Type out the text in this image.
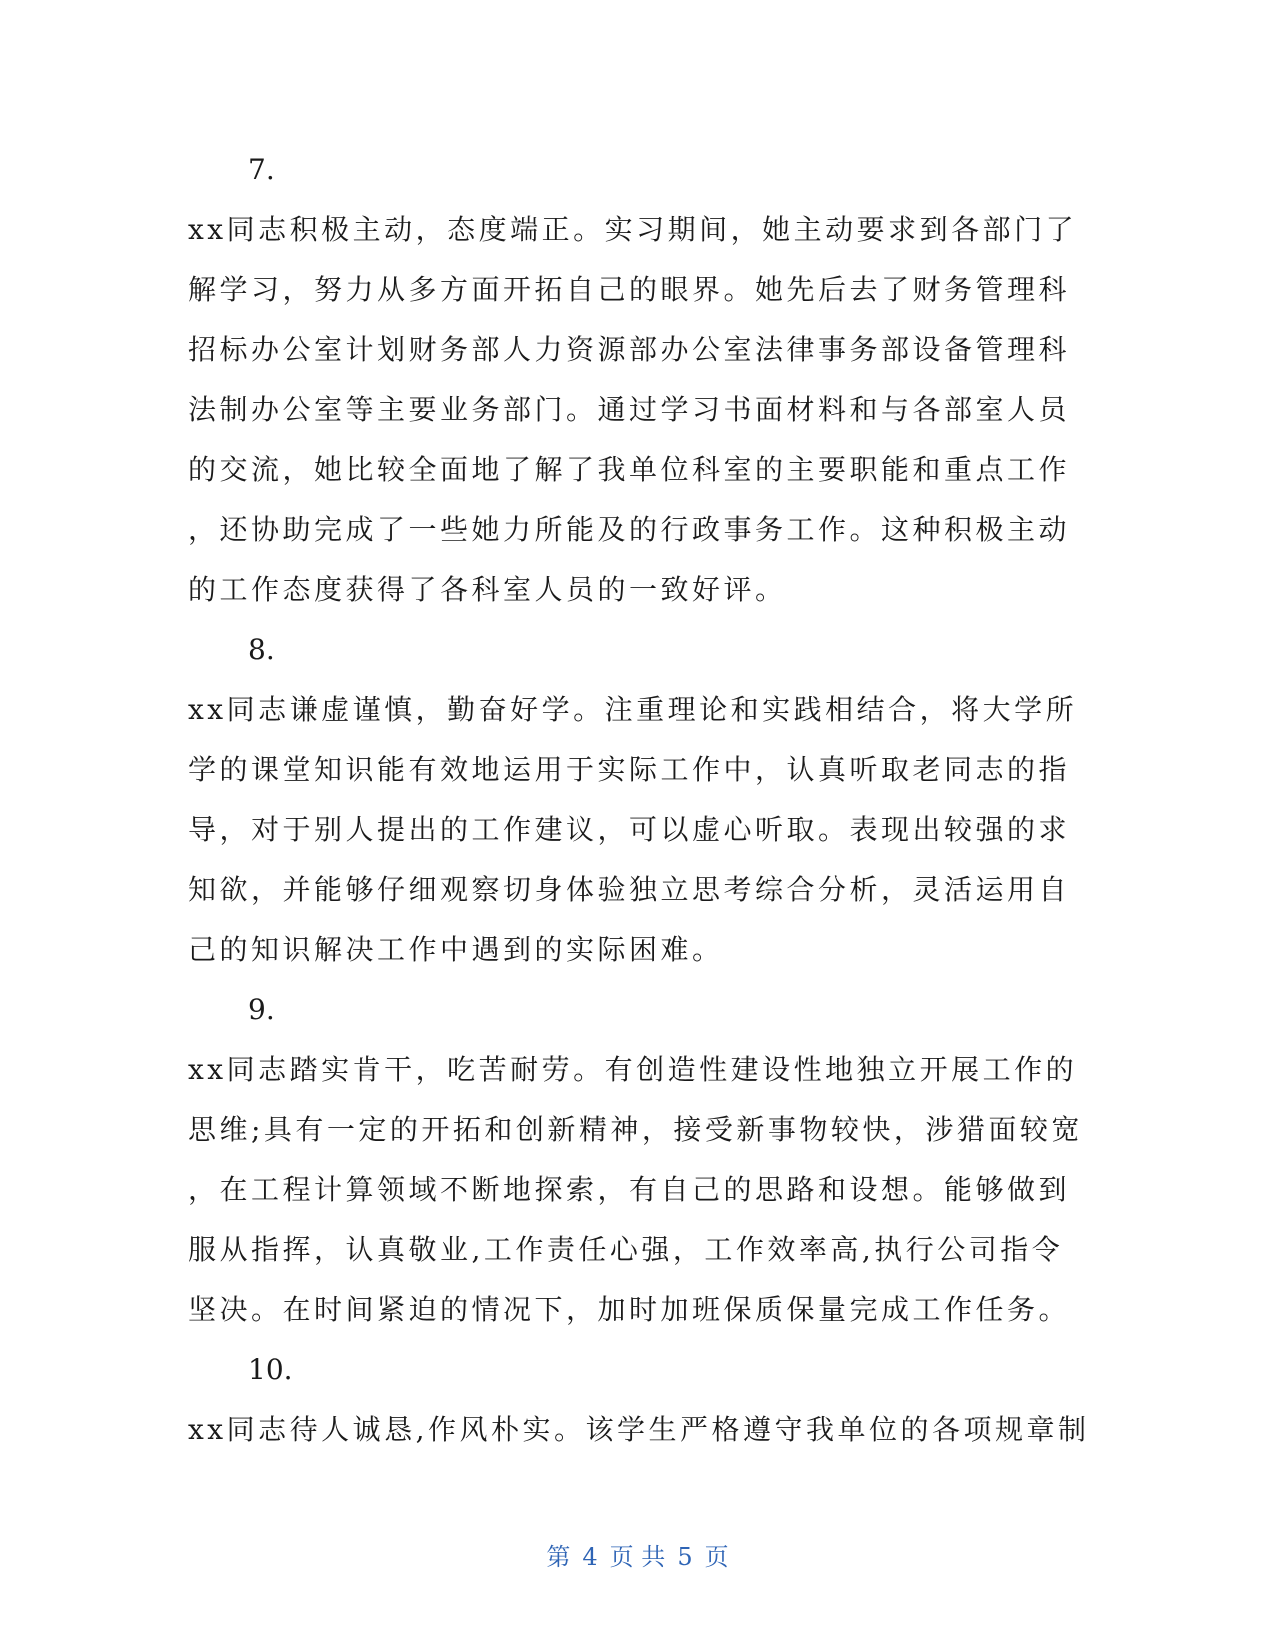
7.
xx同志积极主动，态度端正。实习期间，她主动要求到各部门了
解学习，努力从多方面开拓自己的眼界。她先后去了财务管理科
招标办公室计划财务部人力资源部办公室法律事务部设备管理科
法制办公室等主要业务部门。通过学习书面材料和与各部室人员
的交流，她比较全面地了解了我单位科室的主要职能和重点工作
，还协助完成了一些她力所能及的行政事务工作。这种积极主动
的工作态度获得了各科室人员的一致好评。
8.
xx同志谦虚谨慎，勤奋好学。注重理论和实践相结合，将大学所
学的课堂知识能有效地运用于实际工作中，认真听取老同志的指
导，对于别人提出的工作建议，可以虚心听取。表现出较强的求
知欲，并能够仔细观察切身体验独立思考综合分析，灵活运用自
己的知识解决工作中遇到的实际困难。
9.
xx同志踏实肯干，吃苦耐劳。有创造性建设性地独立开展工作的
思维;具有一定的开拓和创新精神，接受新事物较快，涉猎面较宽
，在工程计算领域不断地探索，有自己的思路和设想。能够做到
服从指挥，认真敬业,工作责任心强，工作效率高,执行公司指令
坚决。在时间紧迫的情况下，加时加班保质保量完成工作任务。
10.
xx同志待人诚恳,作风朴实。该学生严格遵守我单位的各项规章制
第 4 页 共 5 页
